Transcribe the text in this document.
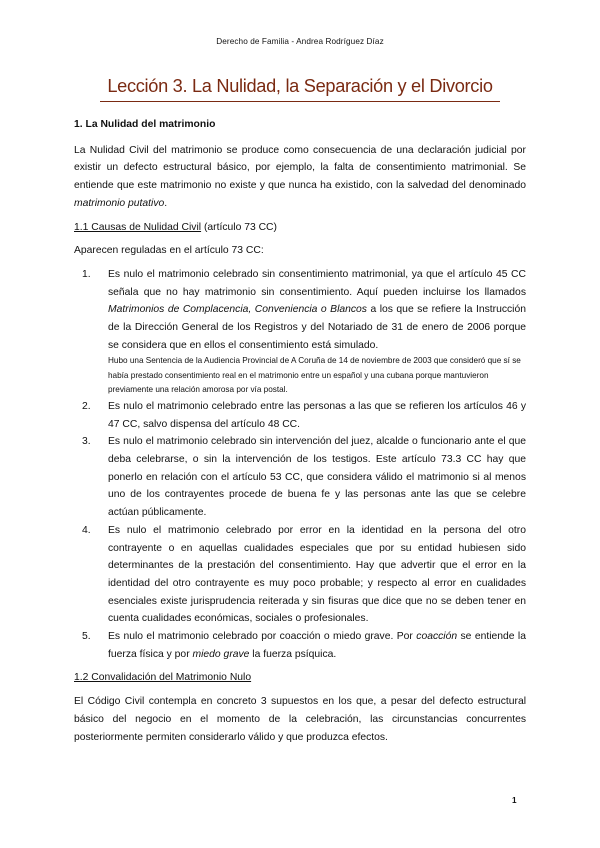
Derecho de Familia - Andrea Rodríguez Díaz
Lección 3. La Nulidad, la Separación y el Divorcio
1. La Nulidad del matrimonio

La Nulidad Civil del matrimonio se produce como consecuencia de una declaración judicial por existir un defecto estructural básico, por ejemplo, la falta de consentimiento matrimonial. Se entiende que este matrimonio no existe y que nunca ha existido, con la salvedad del denominado matrimonio putativo.

1.1 Causas de Nulidad Civil (artículo 73 CC)

Aparecen reguladas en el artículo 73 CC:

1. Es nulo el matrimonio celebrado sin consentimiento matrimonial, ya que el artículo 45 CC señala que no hay matrimonio sin consentimiento. Aquí pueden incluirse los llamados Matrimonios de Complacencia, Conveniencia o Blancos a los que se refiere la Instrucción de la Dirección General de los Registros y del Notariado de 31 de enero de 2006 porque se considera que en ellos el consentimiento está simulado.
Hubo una Sentencia de la Audiencia Provincial de A Coruña de 14 de noviembre de 2003 que consideró que sí se había prestado consentimiento real en el matrimonio entre un español y una cubana porque mantuvieron previamente una relación amorosa por vía postal.
2. Es nulo el matrimonio celebrado entre las personas a las que se refieren los artículos 46 y 47 CC, salvo dispensa del artículo 48 CC.
3. Es nulo el matrimonio celebrado sin intervención del juez, alcalde o funcionario ante el que deba celebrarse, o sin la intervención de los testigos. Este artículo 73.3 CC hay que ponerlo en relación con el artículo 53 CC, que considera válido el matrimonio si al menos uno de los contrayentes procede de buena fe y las personas ante las que se celebre actúan públicamente.
4. Es nulo el matrimonio celebrado por error en la identidad en la persona del otro contrayente o en aquellas cualidades especiales que por su entidad hubiesen sido determinantes de la prestación del consentimiento. Hay que advertir que el error en la identidad del otro contrayente es muy poco probable; y respecto al error en cualidades esenciales existe jurisprudencia reiterada y sin fisuras que dice que no se deben tener en cuenta cualidades económicas, sociales o profesionales.
5. Es nulo el matrimonio celebrado por coacción o miedo grave. Por coacción se entiende la fuerza física y por miedo grave la fuerza psíquica.
1.2 Convalidación del Matrimonio Nulo

El Código Civil contempla en concreto 3 supuestos en los que, a pesar del defecto estructural básico del negocio en el momento de la celebración, las circunstancias concurrentes posteriormente permiten considerarlo válido y que produzca efectos.

1
